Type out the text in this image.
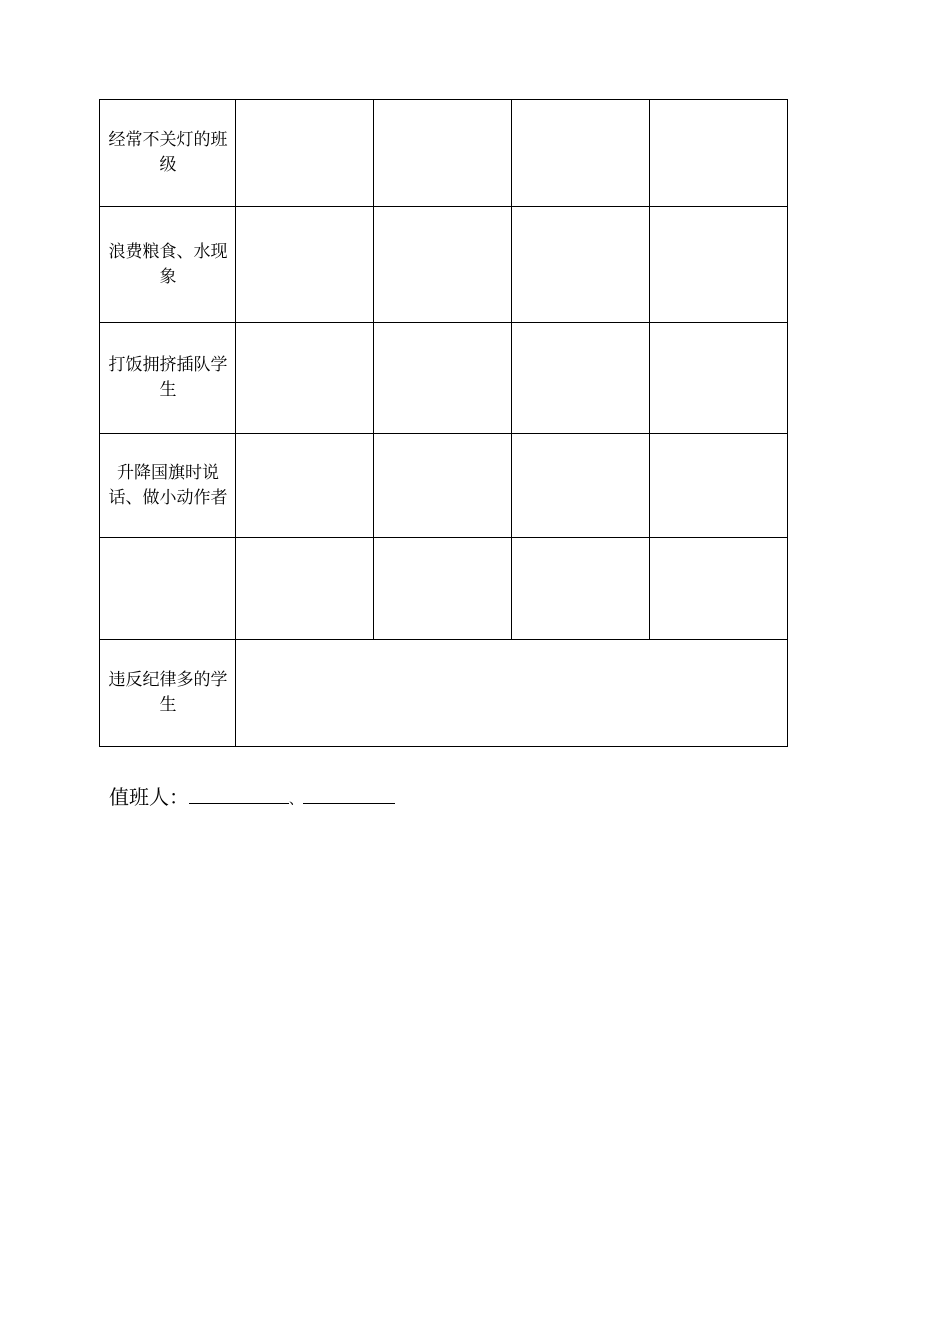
经常不关灯的班级				
浪费粮食、水现象				
打饭拥挤插队学生				
升降国旗时说话、做小动作者				

违反纪律多的学生				
值班人：	、
